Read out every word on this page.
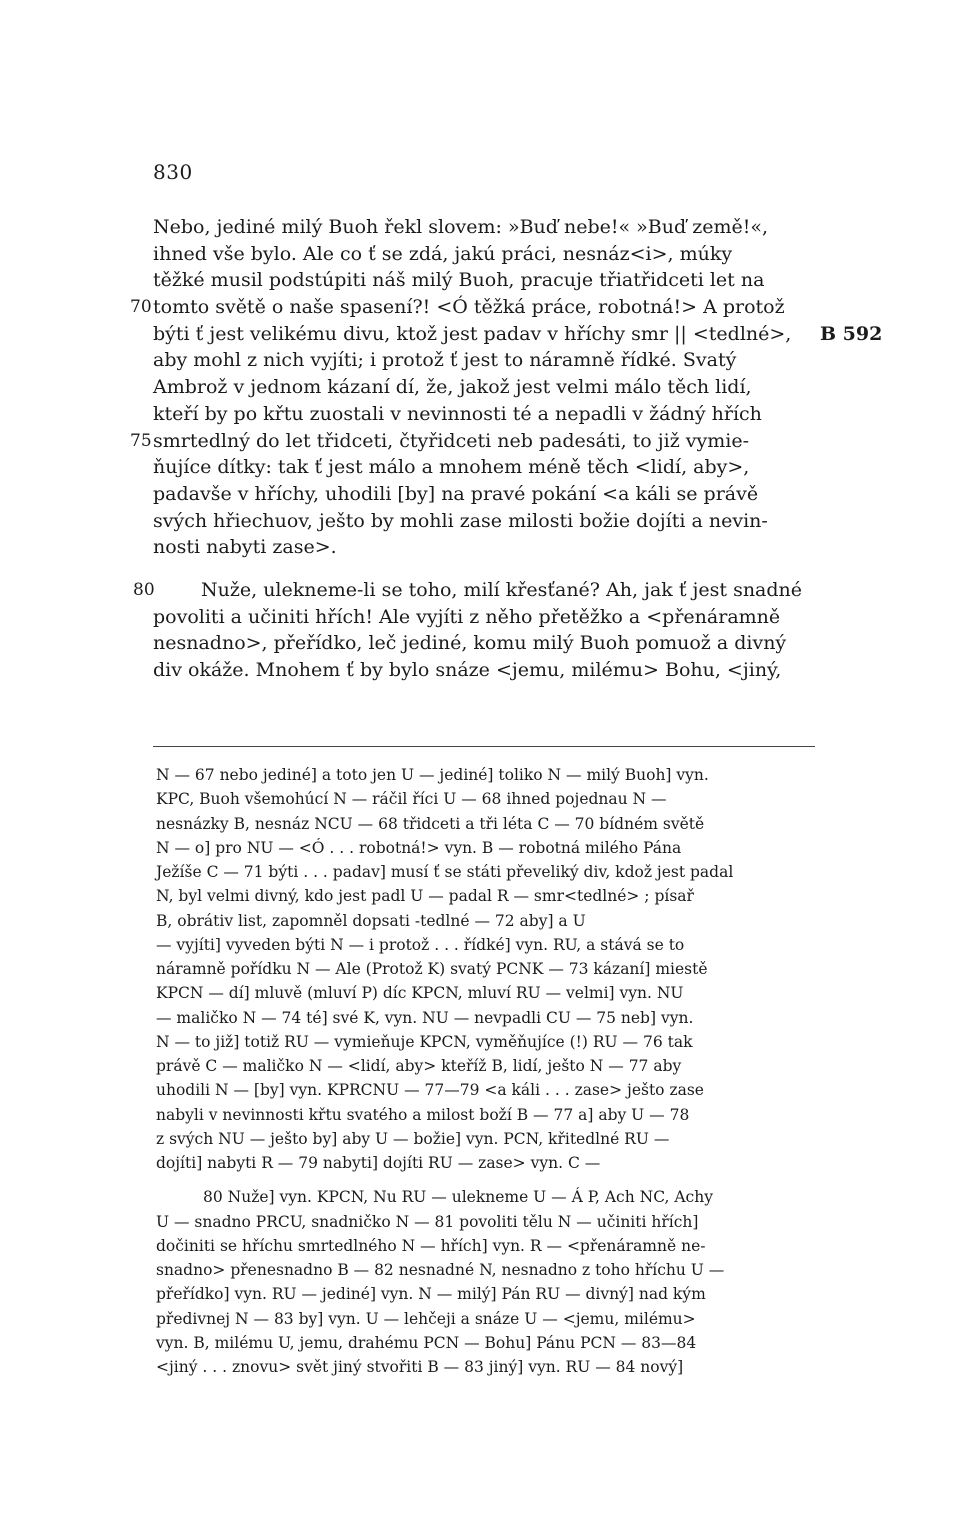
830
Nebo, jediné milý Buoh řekl slovem: »Buď nebe!« »Buď země!«,
ihned vše bylo. Ale co ť se zdá, jakú práci, nesnáz<i>, múky
těžké musil podstúpiti náš milý Buoh, pracuje třiatřidceti let na
70 tomto světě o naše spasení?! <Ó těžká práce, robotná!> A protož
býti ť jest velikému divu, ktož jest padav v hříchy smr || <tedlné>, B 592
aby mohl z nich vyjíti; i protož ť jest to náramně řídké. Svatý
Ambrož v jednom kázaní dí, že, jakož jest velmi málo těch lidí,
kteří by po křtu zuostali v nevinnosti té a nepadli v žádný hřích
75 smrtedlný do let třidceti, čtyřidceti neb padesáti, to již vymie-
ňujíce dítky: tak ť jest málo a mnohem méně těch <lidí, aby>,
padavše v hříchy, uhodili [by] na pravé pokání <a káli se právě
svých hřiechuov, ješto by mohli zase milosti božie dojíti a nevin-
nosti nabyti zase>.
80 Nuže, ulekneme-li se toho, milí křesťané? Ah, jak ť jest snadné
povoliti a učiniti hřích! Ale vyjíti z něho přetěžko a <přenáramně
nesnadno>, přeřídko, leč jediné, komu milý Buoh pomuož a divný
div okáže. Mnohem ť by bylo snáze <jemu, milému> Bohu, <jiný,
N — 67 nebo jediné] a toto jen U — jediné] toliko N — milý Buoh] vyn.
KPC, Buoh všemohúcí N — ráčil říci U — 68 ihned pojednau N —
nesnázky B, nesnáz NCU — 68 třidceti a tři léta C — 70 bídném světě
N — o] pro NU — <Ó . . . robotná!> vyn. B — robotná milého Pána
Ježíše C — 71 býti . . . padav] musí ť se státi převeliký div, kdož jest padal
N, byl velmi divný, kdo jest padl U — padal R — smr<tedlné> ; písař
B, obrátiv list, zapomněl dopsati -tedlné — 72 aby] a U
— vyjíti] vyveden býti N — i protož . . . řídké] vyn. RU, a stává se to
náramně pořídku N — Ale (Protož K) svatý PCNK — 73 kázaní] miestě
KPCN — dí] mluvě (mluví P) díc KPCN, mluví RU — velmi] vyn. NU
— maličko N — 74 té] své K, vyn. NU — nevpadli CU — 75 neb] vyn.
N — to již] totiž RU — vymieňuje KPCN, vyměňujíce (!) RU — 76 tak
právě C — maličko N — <lidí, aby> kteříž B, lidí, ješto N — 77 aby
uhodili N — [by] vyn. KPRCNU — 77—79 <a káli . . . zase> ješto zase
nabyli v nevinnosti křtu svatého a milost boží B — 77 a] aby U — 78
z svých NU — ješto by] aby U — božie] vyn. PCN, křitedlné RU —
dojíti] nabyti R — 79 nabyti] dojíti RU — zase> vyn. C —
80 Nuže] vyn. KPCN, Nu RU — ulekneme U — Á P, Ach NC, Achy
U — snadno PRCU, snadničko N — 81 povoliti tělu N — učiniti hřích]
dočiniti se hříchu smrtedlného N — hřích] vyn. R — <přenáramně ne-
snadno> přenesnadno B — 82 nesnadné N, nesnadno z toho hříchu U —
přeřídko] vyn. RU — jediné] vyn. N — milý] Pán RU — divný] nad kým
předivnej N — 83 by] vyn. U — lehčeji a snáze U — <jemu, milému>
vyn. B, milému U, jemu, drahému PCN — Bohu] Pánu PCN — 83—84
<jiný . . . znovu> svět jiný stvořiti B — 83 jiný] vyn. RU — 84 nový]
